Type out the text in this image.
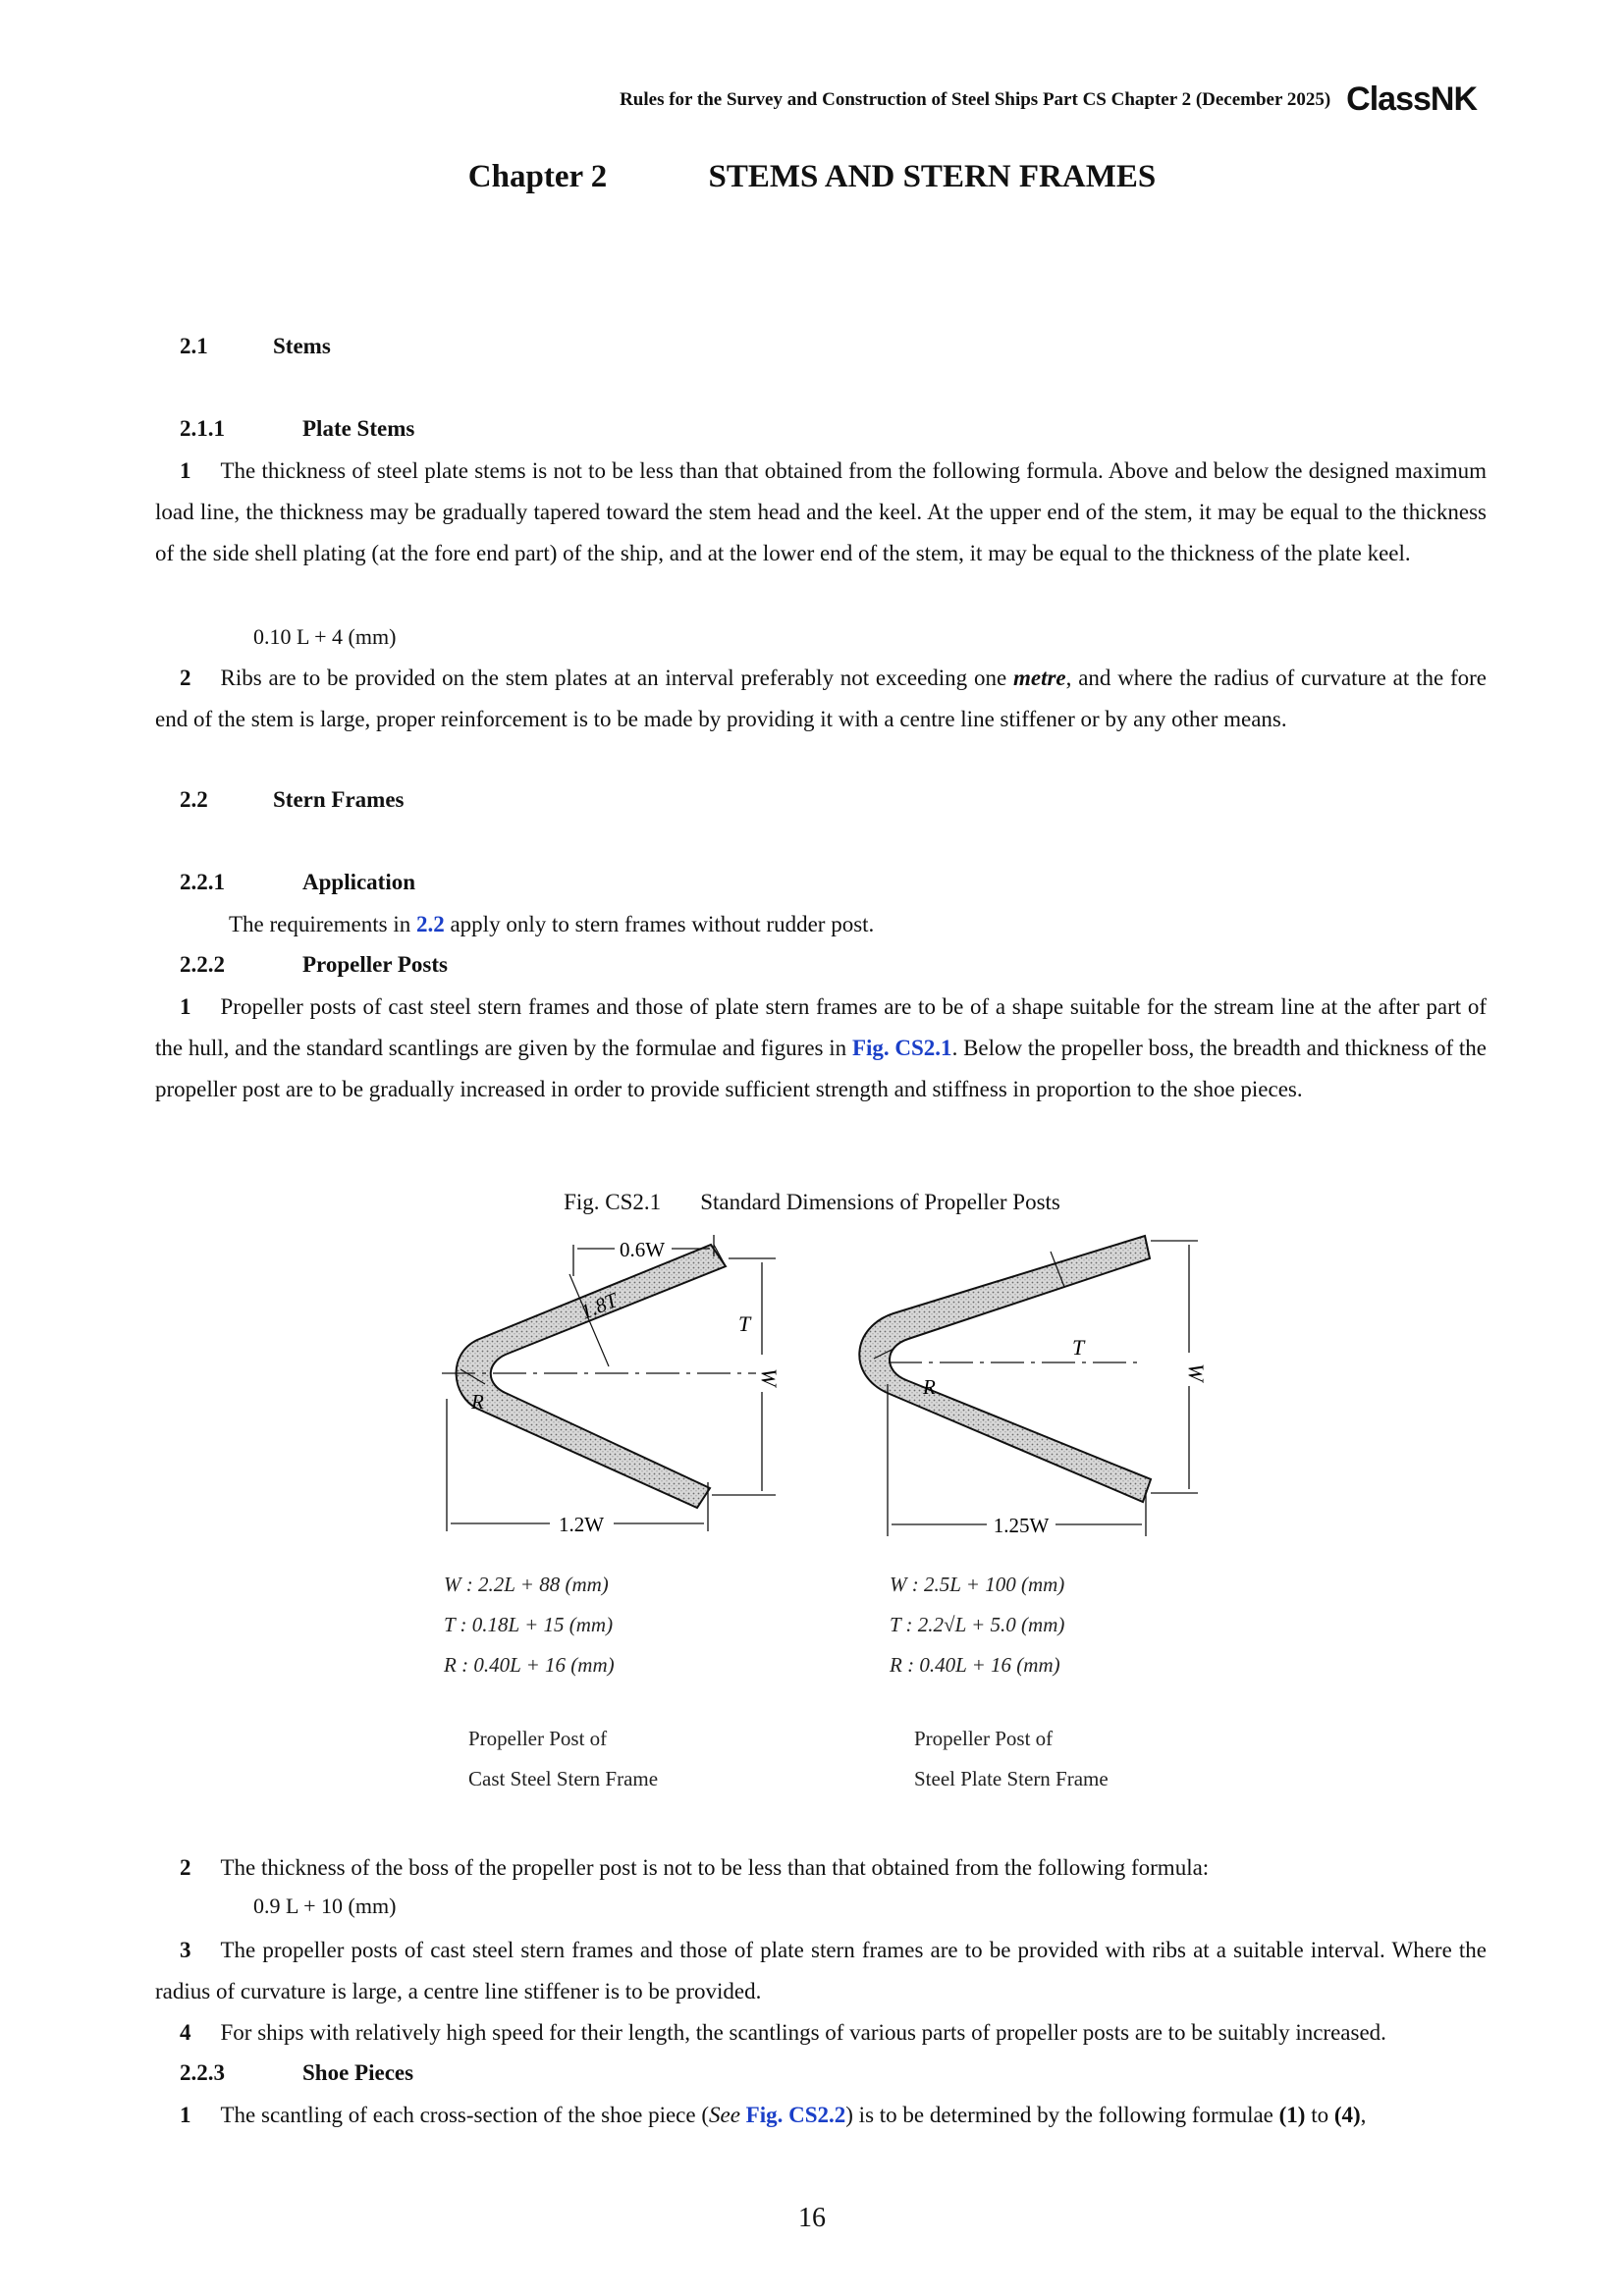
Rules for the Survey and Construction of Steel Ships Part CS Chapter 2 (December 2025) ClassNK
Chapter 2	STEMS AND STERN FRAMES
2.1	Stems
2.1.1	Plate Stems

1 The thickness of steel plate stems is not to be less than that obtained from the following formula. Above and below the designed maximum load line, the thickness may be gradually tapered toward the stem head and the keel. At the upper end of the stem, it may be equal to the thickness of the side shell plating (at the fore end part) of the ship, and at the lower end of the stem, it may be equal to the thickness of the plate keel.

0.10 L + 4 (mm)

2 Ribs are to be provided on the stem plates at an interval preferably not exceeding one metre, and where the radius of curvature at the fore end of the stem is large, proper reinforcement is to be made by providing it with a centre line stiffener or by any other means.

2.2	Stern Frames
2.2.1	Application

The requirements in 2.2 apply only to stern frames without rudder post.

2.2.2	Propeller Posts

1 Propeller posts of cast steel stern frames and those of plate stern frames are to be of a shape suitable for the stream line at the after part of the hull, and the standard scantlings are given by the formulae and figures in Fig. CS2.1. Below the propeller boss, the breadth and thickness of the propeller post are to be gradually increased in order to provide sufficient strength and stiffness in proportion to the shoe pieces.

Fig. CS2.1 Standard Dimensions of Propeller Posts
0.6W
T
1.8T
R
W
1.2W
T
R
W
1.25W
W : 2.2L + 88 (mm)
T : 0.18L + 15 (mm)
R : 0.40L + 16 (mm)
Propeller Post of
Cast Steel Stern Frame
W : 2.5L + 100 (mm)
T : 2.2√L + 5.0 (mm)
R : 0.40L + 16 (mm)
Propeller Post of
Steel Plate Stern Frame

2 The thickness of the boss of the propeller post is not to be less than that obtained from the following formula:

0.9 L + 10 (mm)

3 The propeller posts of cast steel stern frames and those of plate stern frames are to be provided with ribs at a suitable interval. Where the radius of curvature is large, a centre line stiffener is to be provided.

4 For ships with relatively high speed for their length, the scantlings of various parts of propeller posts are to be suitably increased.

2.2.3	Shoe Pieces

1 The scantling of each cross-section of the shoe piece (See Fig. CS2.2) is to be determined by the following formulae (1) to (4),

16
